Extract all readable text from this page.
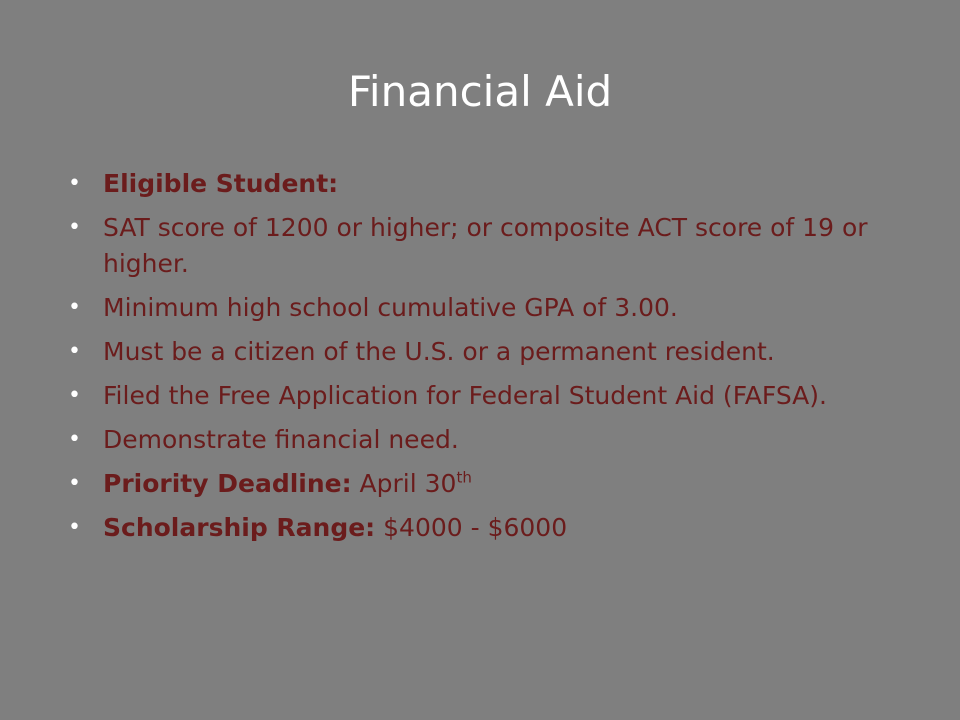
Financial Aid
• Eligible Student:
• SAT score of 1200 or higher; or composite ACT score of 19 or higher.
• Minimum high school cumulative GPA of 3.00.
• Must be a citizen of the U.S. or a permanent resident.
• Filed the Free Application for Federal Student Aid (FAFSA).
• Demonstrate financial need.
• Priority Deadline: April 30th
• Scholarship Range: $4000 - $6000
